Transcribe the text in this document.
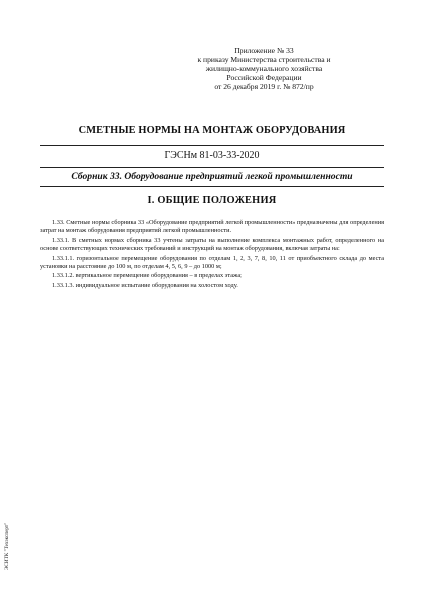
Приложение № 33
к приказу Министерства строительства и
жилищно-коммунального хозяйства
Российской Федерации
от 26 декабря 2019 г. № 872/пр
СМЕТНЫЕ НОРМЫ НА МОНТАЖ ОБОРУДОВАНИЯ
ГЭСНм 81-03-33-2020
Сборник 33. Оборудование предприятий легкой промышленности
I. ОБЩИЕ ПОЛОЖЕНИЯ

1.33. Сметные нормы сборника 33 «Оборудование предприятий легкой промышленности» предназначены для определения затрат на монтаж оборудования предприятий легкой промышленности.

1.33.1. В сметных нормах сборника 33 учтены затраты на выполнение комплекса монтажных работ, определенного на основе соответствующих технических требований и инструкций на монтаж оборудования, включая затраты на:

1.33.1.1. горизонтальное перемещение оборудования по отделам 1, 2, 3, 7, 8, 10, 11 от приобъектного склада до места установки на расстояние до 100 м, по отделам 4, 5, 6, 9 – до 1000 м;

1.33.1.2. вертикальное перемещение оборудования – в пределах этажа;

1.33.1.3. индивидуальное испытание оборудования на холостом ходу.

ЭСИТК "Техэксперт"
